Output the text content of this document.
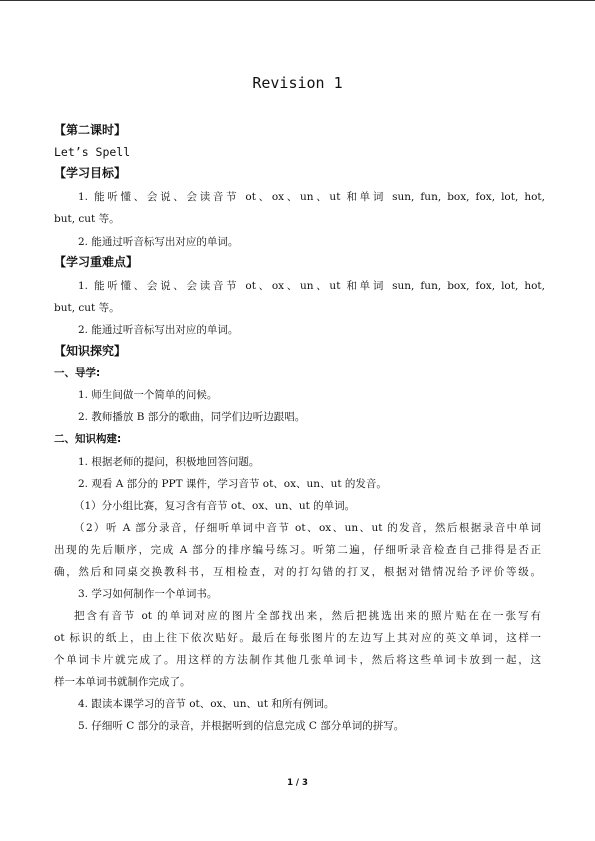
Revision 1
【第二课时】
Let’s Spell
【学习目标】
1. 能听懂、会说、会读音节 ot、ox、un、ut 和单词 sun, fun, box, fox, lot, hot,
but, cut 等。
2. 能通过听音标写出对应的单词。
【学习重难点】
1. 能听懂、会说、会读音节 ot、ox、un、ut 和单词 sun, fun, box, fox, lot, hot,
but, cut 等。
2. 能通过听音标写出对应的单词。
【知识探究】
一、导学:
1. 师生间做一个简单的问候。
2. 教师播放 B 部分的歌曲，同学们边听边跟唱。
二、知识构建:
1. 根据老师的提问，积极地回答问题。
2. 观看 A 部分的 PPT 课件，学习音节 ot、ox、un、ut 的发音。
（1）分小组比赛，复习含有音节 ot、ox、un、ut 的单词。
（2）听 A 部分录音，仔细听单词中音节 ot、ox、un、ut 的发音，然后根据录音中单词
出现的先后顺序，完成 A 部分的排序编号练习。听第二遍，仔细听录音检查自己排得是否正
确，然后和同桌交换教科书，互相检查，对的打勾错的打叉，根据对错情况给予评价等级。
3. 学习如何制作一个单词书。
把含有音节 ot 的单词对应的图片全部找出来，然后把挑选出来的照片贴在在一张写有
ot 标识的纸上，由上往下依次贴好。最后在每张图片的左边写上其对应的英文单词，这样一
个单词卡片就完成了。用这样的方法制作其他几张单词卡，然后将这些单词卡放到一起，这
样一本单词书就制作完成了。
4. 跟读本课学习的音节 ot、ox、un、ut 和所有例词。
5. 仔细听 C 部分的录音，并根据听到的信息完成 C 部分单词的拼写。
1 / 3
